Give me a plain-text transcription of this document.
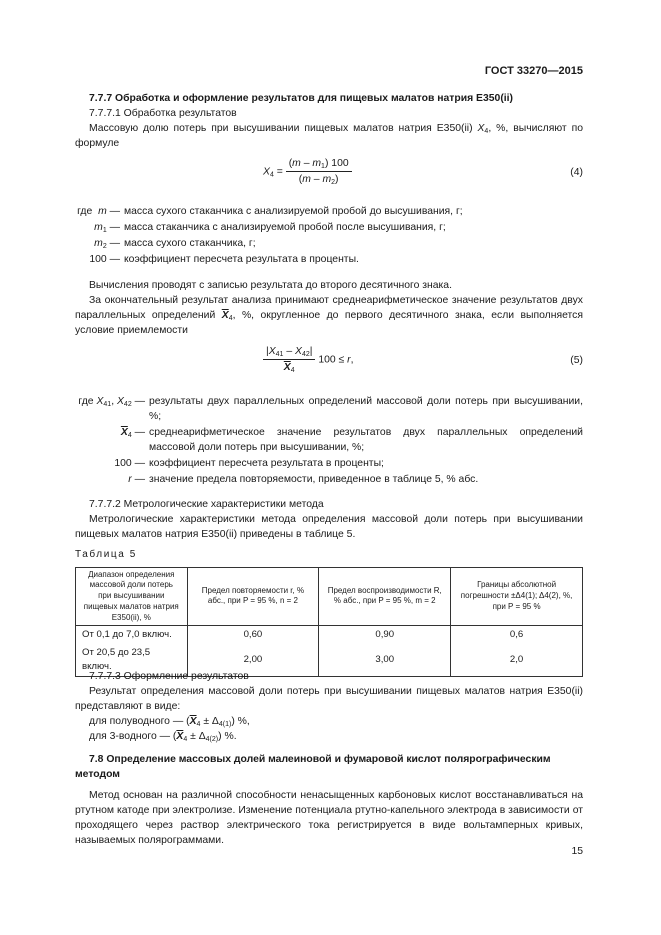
ГОСТ 33270—2015
7.7.7 Обработка и оформление результатов для пищевых малатов натрия Е350(ii)
7.7.7.1 Обработка результатов
Массовую долю потерь при высушивании пищевых малатов натрия Е350(ii) $X_4$, %, вычисляют по формуле
$X_4 = \frac{(m - m_1) 100}{(m - m_2)}$	(4)
где  m — масса сухого стаканчика с анализируемой пробой до высушивания, г;
$m_1$ — масса стаканчика с анализируемой пробой после высушивания, г;
$m_2$ — масса сухого стаканчика, г;
100 — коэффициент пересчета результата в проценты.
Вычисления проводят с записью результата до второго десятичного знака.
За окончательный результат анализа принимают среднеарифметическое значение результатов двух параллельных определений $\overline{X}_4$, %, округленное до первого десятичного знака, если выполняется условие приемлемости
$\frac{|X_{41} - X_{42}|}{\overline{X}_4} 100 \le r$,	(5)
где $X_{41}$, $X_{42}$ — результаты двух параллельных определений массовой доли потерь при высушивании, %;
$\overline{X}_4$ — среднеарифметическое значение результатов двух параллельных определений массовой доли потерь при высушивании, %;
100 — коэффициент пересчета результата в проценты;
r — значение предела повторяемости, приведенное в таблице 5, % абс.
7.7.7.2 Метрологические характеристики метода
Метрологические характеристики метода определения массовой доли потерь при высушивании пищевых малатов натрия Е350(ii) приведены в таблице 5.
Таблица 5
Диапазон определения массовой доли потерь при высушивании пищевых малатов натрия Е350(ii), %	Предел повторяемости r, % абс., при P = 95 %, n = 2	Предел воспроизводимости R, % абс., при P = 95 %, m = 2	Границы абсолютной погрешности ±Δ4(1); Δ4(2), %, при P = 95 %
От 0,1 до 7,0 включ.	0,60	0,90	0,6
От 20,5 до 23,5 включ.	2,00	3,00	2,0
7.7.7.3 Оформление результатов
Результат определения массовой доли потерь при высушивании пищевых малатов натрия Е350(ii) представляют в виде:
для полуводного — $(\overline{X}_4 \pm \Delta_{4(1)})$ %,
для 3-водного — $(\overline{X}_4 \pm \Delta_{4(2)})$ %.
7.8 Определение массовых долей малеиновой и фумаровой кислот полярографическим методом
Метод основан на различной способности ненасыщенных карбоновых кислот восстанавливаться на ртутном катоде при электролизе. Изменение потенциала ртутно-капельного электрода в зависимости от проходящего через раствор электрического тока регистрируется в виде вольтамперных кривых, называемых полярограммами.
15
